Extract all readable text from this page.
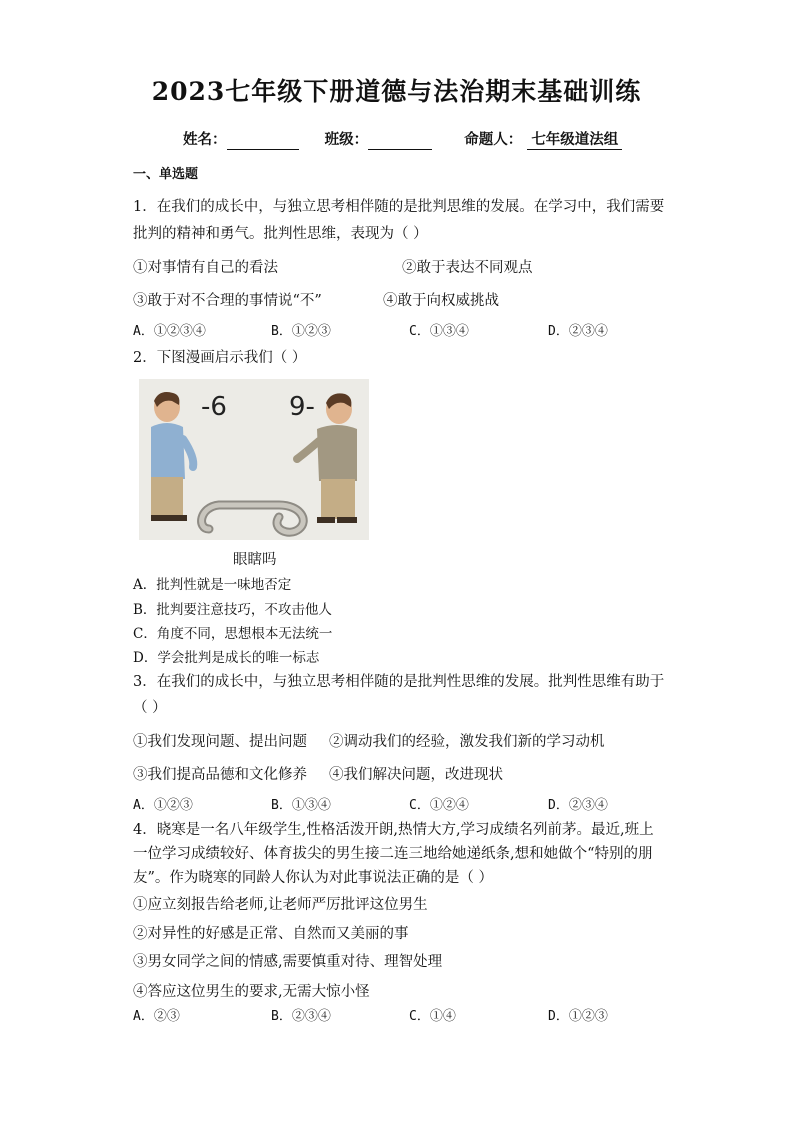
2023七年级下册道德与法治期末基础训练
姓名：	班级：	命题人： 七年级道法组
一、单选题
1．在我们的成长中，与独立思考相伴随的是批判思维的发展。在学习中，我们需要
批判的精神和勇气。批判性思维，表现为（ ）
①对事情有自己的看法	②敢于表达不同观点
③敢于对不合理的事情说“不”	④敢于向权威挑战
A．①②③④	B．①②③	C．①③④	D．②③④
2．下图漫画启示我们（ ）
-6 9-
眼瞎吗
A．批判性就是一味地否定
B．批判要注意技巧，不攻击他人
C．角度不同，思想根本无法统一
D．学会批判是成长的唯一标志
3．在我们的成长中，与独立思考相伴随的是批判性思维的发展。批判性思维有助于
（ ）
①我们发现问题、提出问题 ②调动我们的经验，激发我们新的学习动机
③我们提高品德和文化修养 ④我们解决问题，改进现状
A．①②③	B．①③④	C．①②④	D．②③④
4．晓寒是一名八年级学生,性格活泼开朗,热情大方,学习成绩名列前茅。最近,班上
一位学习成绩较好、体育拔尖的男生接二连三地给她递纸条,想和她做个“特别的朋
友”。作为晓寒的同龄人你认为对此事说法正确的是（ ）
①应立刻报告给老师,让老师严厉批评这位男生
②对异性的好感是正常、自然而又美丽的事
③男女同学之间的情感,需要慎重对待、理智处理
④答应这位男生的要求,无需大惊小怪
A．②③	B．②③④	C．①④	D．①②③
